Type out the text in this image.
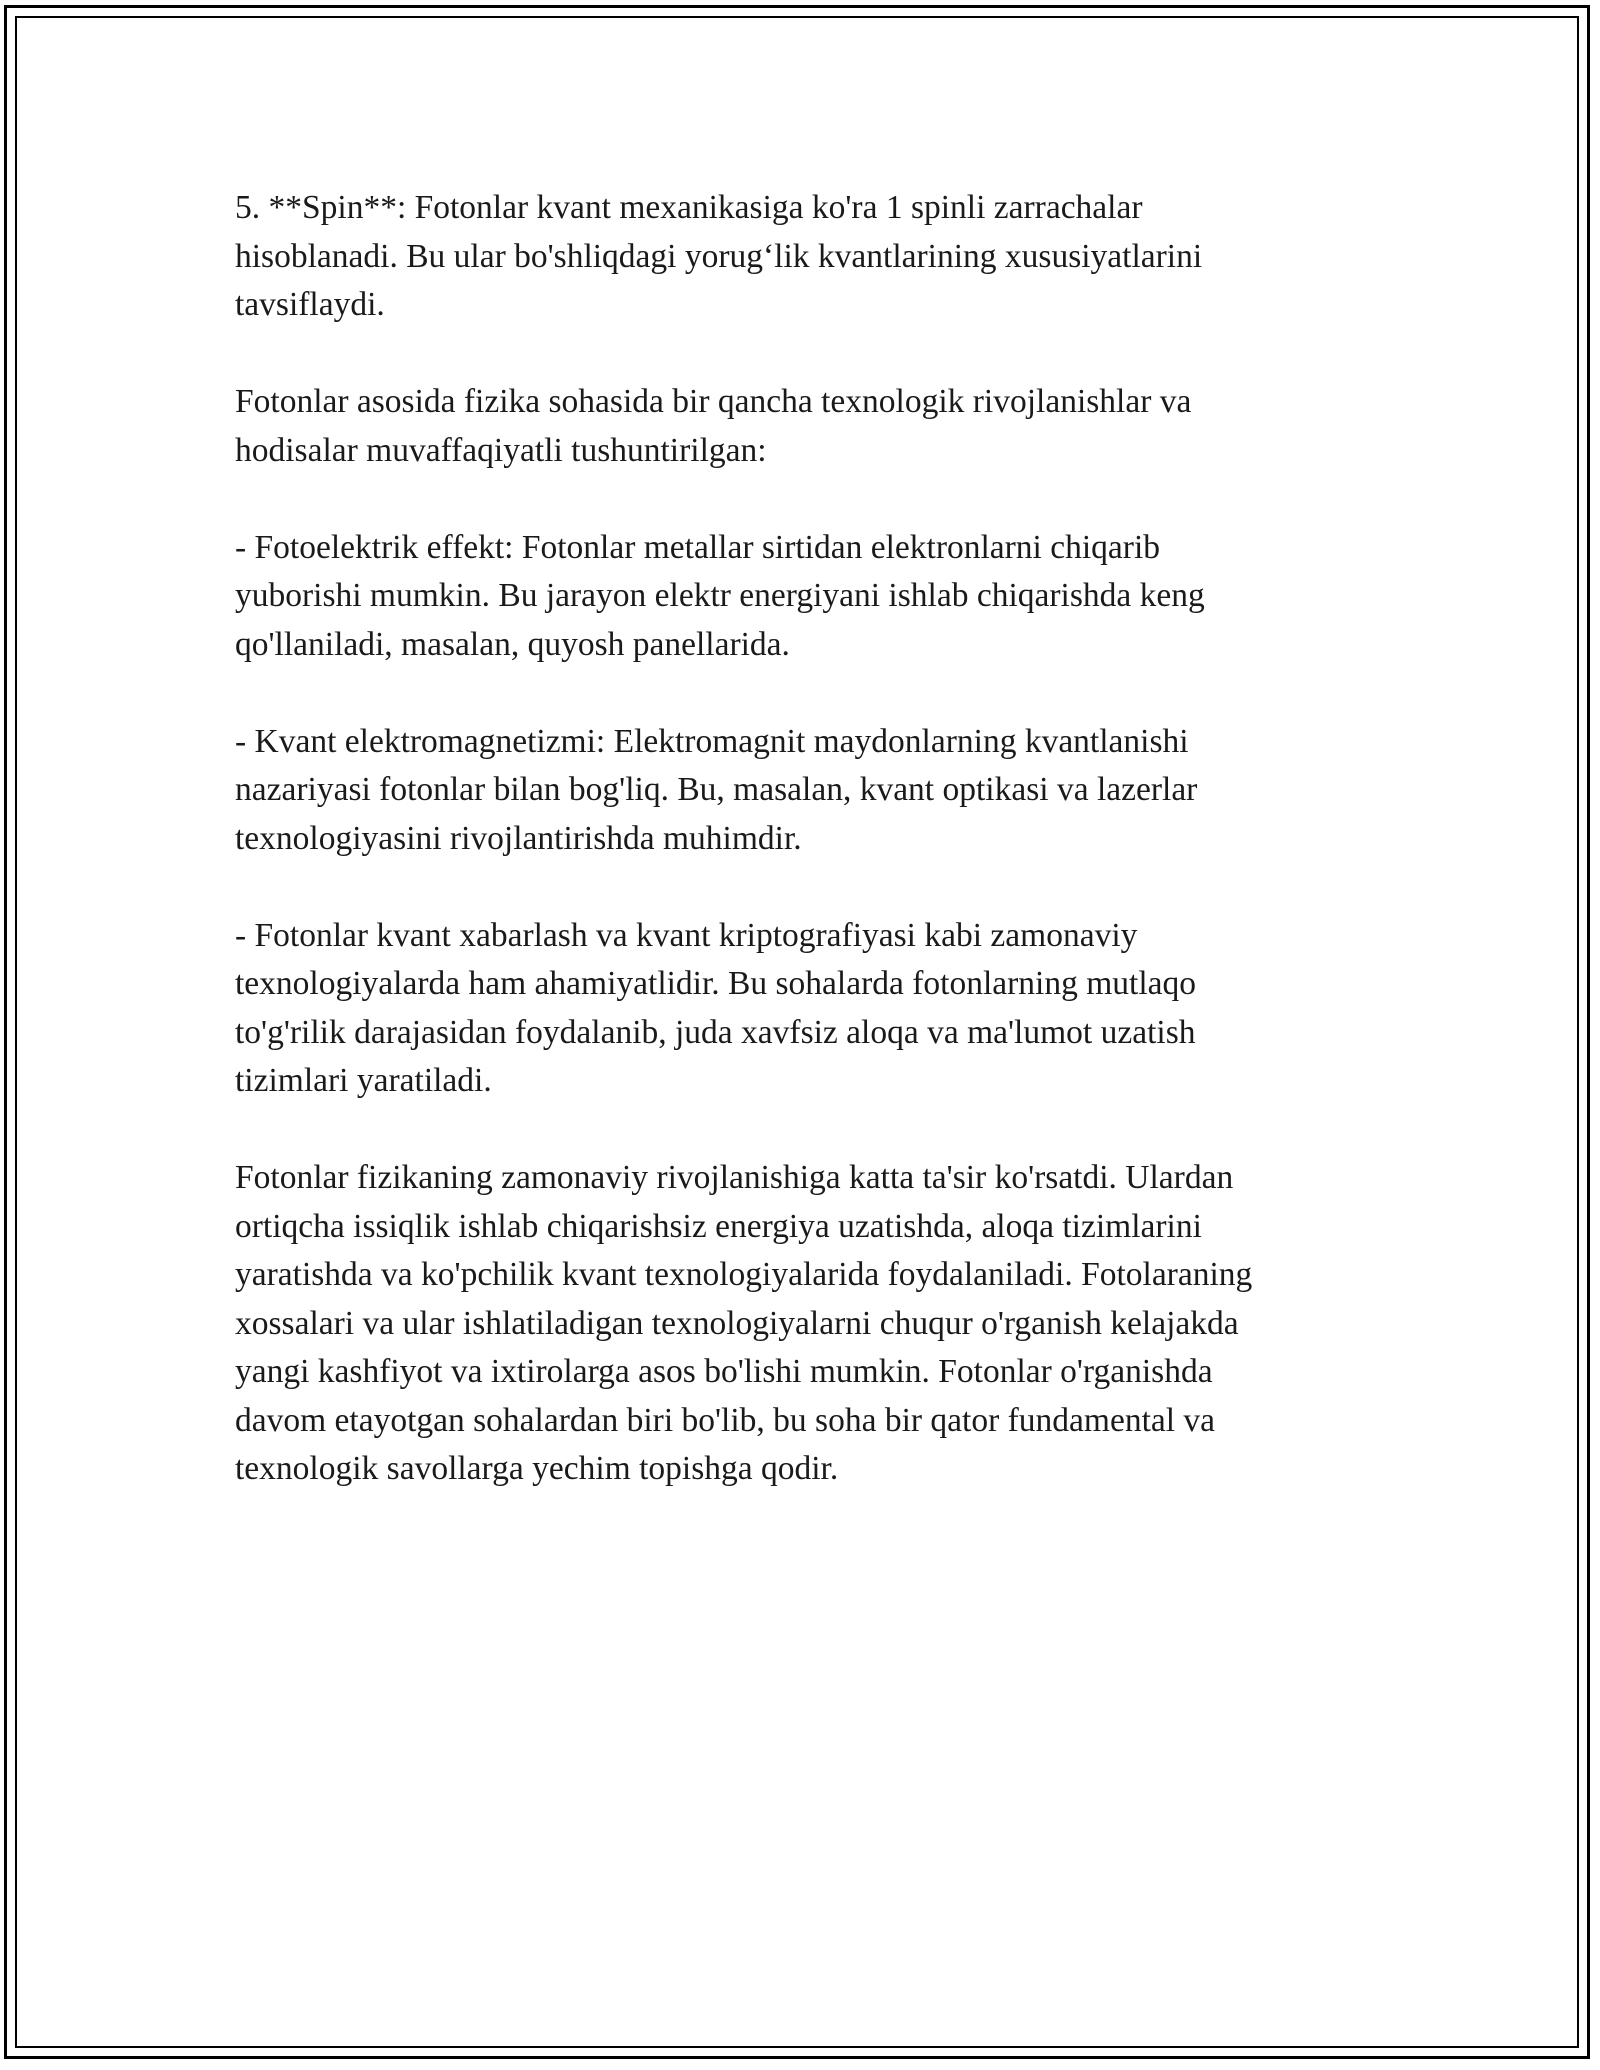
5. **Spin**: Fotonlar kvant mexanikasiga ko'ra 1 spinli zarrachalar
hisoblanadi. Bu ular bo'shliqdagi yorug‘lik kvantlarining xususiyatlarini
tavsiflaydi.

Fotonlar asosida fizika sohasida bir qancha texnologik rivojlanishlar va
hodisalar muvaffaqiyatli tushuntirilgan:

- Fotoelektrik effekt: Fotonlar metallar sirtidan elektronlarni chiqarib
yuborishi mumkin. Bu jarayon elektr energiyani ishlab chiqarishda keng
qo'llaniladi, masalan, quyosh panellarida.

- Kvant elektromagnetizmi: Elektromagnit maydonlarning kvantlanishi
nazariyasi fotonlar bilan bog'liq. Bu, masalan, kvant optikasi va lazerlar
texnologiyasini rivojlantirishda muhimdir.

- Fotonlar kvant xabarlash va kvant kriptografiyasi kabi zamonaviy
texnologiyalarda ham ahamiyatlidir. Bu sohalarda fotonlarning mutlaqo
to'g'rilik darajasidan foydalanib, juda xavfsiz aloqa va ma'lumot uzatish
tizimlari yaratiladi.

Fotonlar fizikaning zamonaviy rivojlanishiga katta ta'sir ko'rsatdi. Ulardan
ortiqcha issiqlik ishlab chiqarishsiz energiya uzatishda, aloqa tizimlarini
yaratishda va ko'pchilik kvant texnologiyalarida foydalaniladi. Fotolaraning
xossalari va ular ishlatiladigan texnologiyalarni chuqur o'rganish kelajakda
yangi kashfiyot va ixtirolarga asos bo'lishi mumkin. Fotonlar o'rganishda
davom etayotgan sohalardan biri bo'lib, bu soha bir qator fundamental va
texnologik savollarga yechim topishga qodir.
